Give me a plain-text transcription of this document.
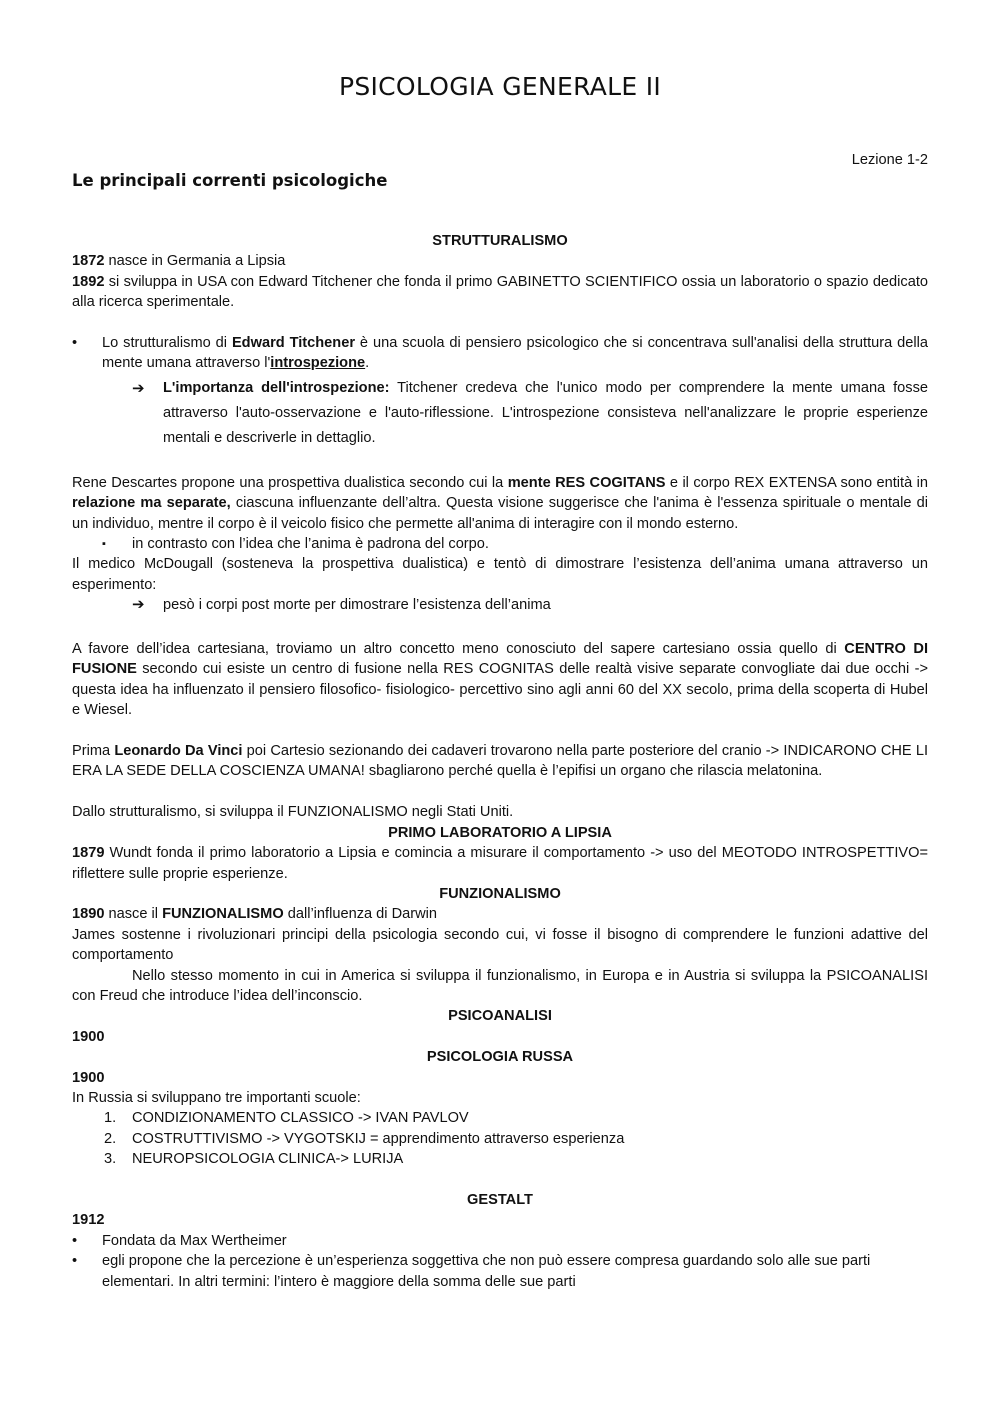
PSICOLOGIA GENERALE II
Lezione 1-2
Le principali correnti psicologiche

STRUTTURALISMO

1872 nasce in Germania a Lipsia

1892 si sviluppa in USA con Edward Titchener che fonda il primo GABINETTO SCIENTIFICO ossia un laboratorio o spazio dedicato alla ricerca sperimentale.

•	Lo strutturalismo di Edward Titchener è una scuola di pensiero psicologico che si concentrava sull'analisi della struttura della mente umana attraverso l'introspezione.
➔ L'importanza dell'introspezione: Titchener credeva che l'unico modo per comprendere la mente umana fosse attraverso l'auto-osservazione e l'auto-riflessione. L'introspezione consisteva nell'analizzare le proprie esperienze mentali e descriverle in dettaglio.

Rene Descartes propone una prospettiva dualistica secondo cui la mente RES COGITANS e il corpo REX EXTENSA sono entità in relazione ma separate, ciascuna influenzante dell’altra. Questa visione suggerisce che l'anima è l'essenza spirituale o mentale di un individuo, mentre il corpo è il veicolo fisico che permette all'anima di interagire con il mondo esterno.

▪ in contrasto con l’idea che l’anima è padrona del corpo.

Il medico McDougall (sosteneva la prospettiva dualistica) e tentò di dimostrare l’esistenza dell’anima umana attraverso un esperimento:

➔ pesò i corpi post morte per dimostrare l’esistenza dell’anima

A favore dell’idea cartesiana, troviamo un altro concetto meno conosciuto del sapere cartesiano ossia quello di CENTRO DI FUSIONE secondo cui esiste un centro di fusione nella RES COGNITAS delle realtà visive separate convogliate dai due occhi -> questa idea ha influenzato il pensiero filosofico- fisiologico- percettivo sino agli anni 60 del XX secolo, prima della scoperta di Hubel e Wiesel.

Prima Leonardo Da Vinci poi Cartesio sezionando dei cadaveri trovarono nella parte posteriore del cranio -> INDICARONO CHE LI ERA LA SEDE DELLA COSCIENZA UMANA! sbagliarono perché quella è l’epifisi un organo che rilascia melatonina.

Dallo strutturalismo, si sviluppa il FUNZIONALISMO negli Stati Uniti.

PRIMO LABORATORIO A LIPSIA

1879 Wundt fonda il primo laboratorio a Lipsia e comincia a misurare il comportamento -> uso del MEOTODO INTROSPETTIVO= riflettere sulle proprie esperienze.

FUNZIONALISMO

1890 nasce il FUNZIONALISMO dall’influenza di Darwin

James sostenne i rivoluzionari principi della psicologia secondo cui, vi fosse il bisogno di comprendere le funzioni adattive del comportamento

Nello stesso momento in cui in America si sviluppa il funzionalismo, in Europa e in Austria si sviluppa la PSICOANALISI con Freud che introduce l’idea dell’inconscio.

PSICOANALISI

1900

PSICOLOGIA RUSSA

1900

In Russia si sviluppano tre importanti scuole:

1. CONDIZIONAMENTO CLASSICO -> IVAN PAVLOV
2. COSTRUTTIVISMO -> VYGOTSKIJ = apprendimento attraverso esperienza
3. NEUROPSICOLOGIA CLINICA-> LURIJA

GESTALT

1912

•	Fondata da Max Wertheimer
•	egli propone che la percezione è un’esperienza soggettiva che non può essere compresa guardando solo alle sue parti elementari. In altri termini: l’intero è maggiore della somma delle sue parti
